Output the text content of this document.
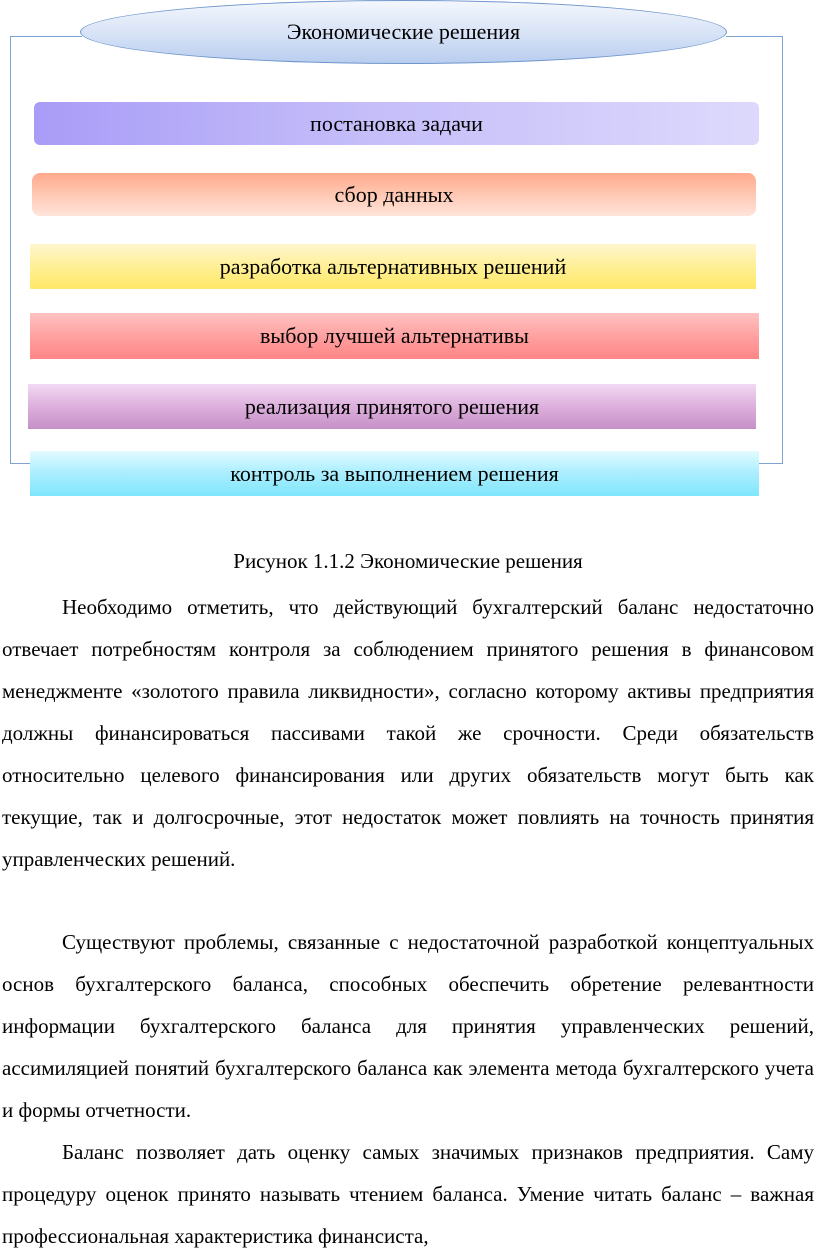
Экономические решения
постановка задачи
сбор данных
разработка альтернативных решений
выбор лучшей альтернативы
реализация принятого решения
контроль за выполнением решения
Рисунок 1.1.2 Экономические решения

Необходимо отметить, что действующий бухгалтерский баланс недостаточно отвечает потребностям контроля за соблюдением принятого решения в финансовом менеджменте «золотого правила ликвидности», согласно которому активы предприятия должны финансироваться пассивами такой же срочности. Среди обязательств относительно целевого финансирования или других обязательств могут быть как текущие, так и долгосрочные, этот недостаток может повлиять на точность принятия управленческих решений.

Существуют проблемы, связанные с недостаточной разработкой концептуальных основ бухгалтерского баланса, способных обеспечить обретение релевантности информации бухгалтерского баланса для принятия управленческих решений, ассимиляцией понятий бухгалтерского баланса как элемента метода бухгалтерского учета и формы отчетности.

Баланс позволяет дать оценку самых значимых признаков предприятия. Саму процедуру оценок принято называть чтением баланса. Умение читать баланс – важная профессиональная характеристика финансиста,
